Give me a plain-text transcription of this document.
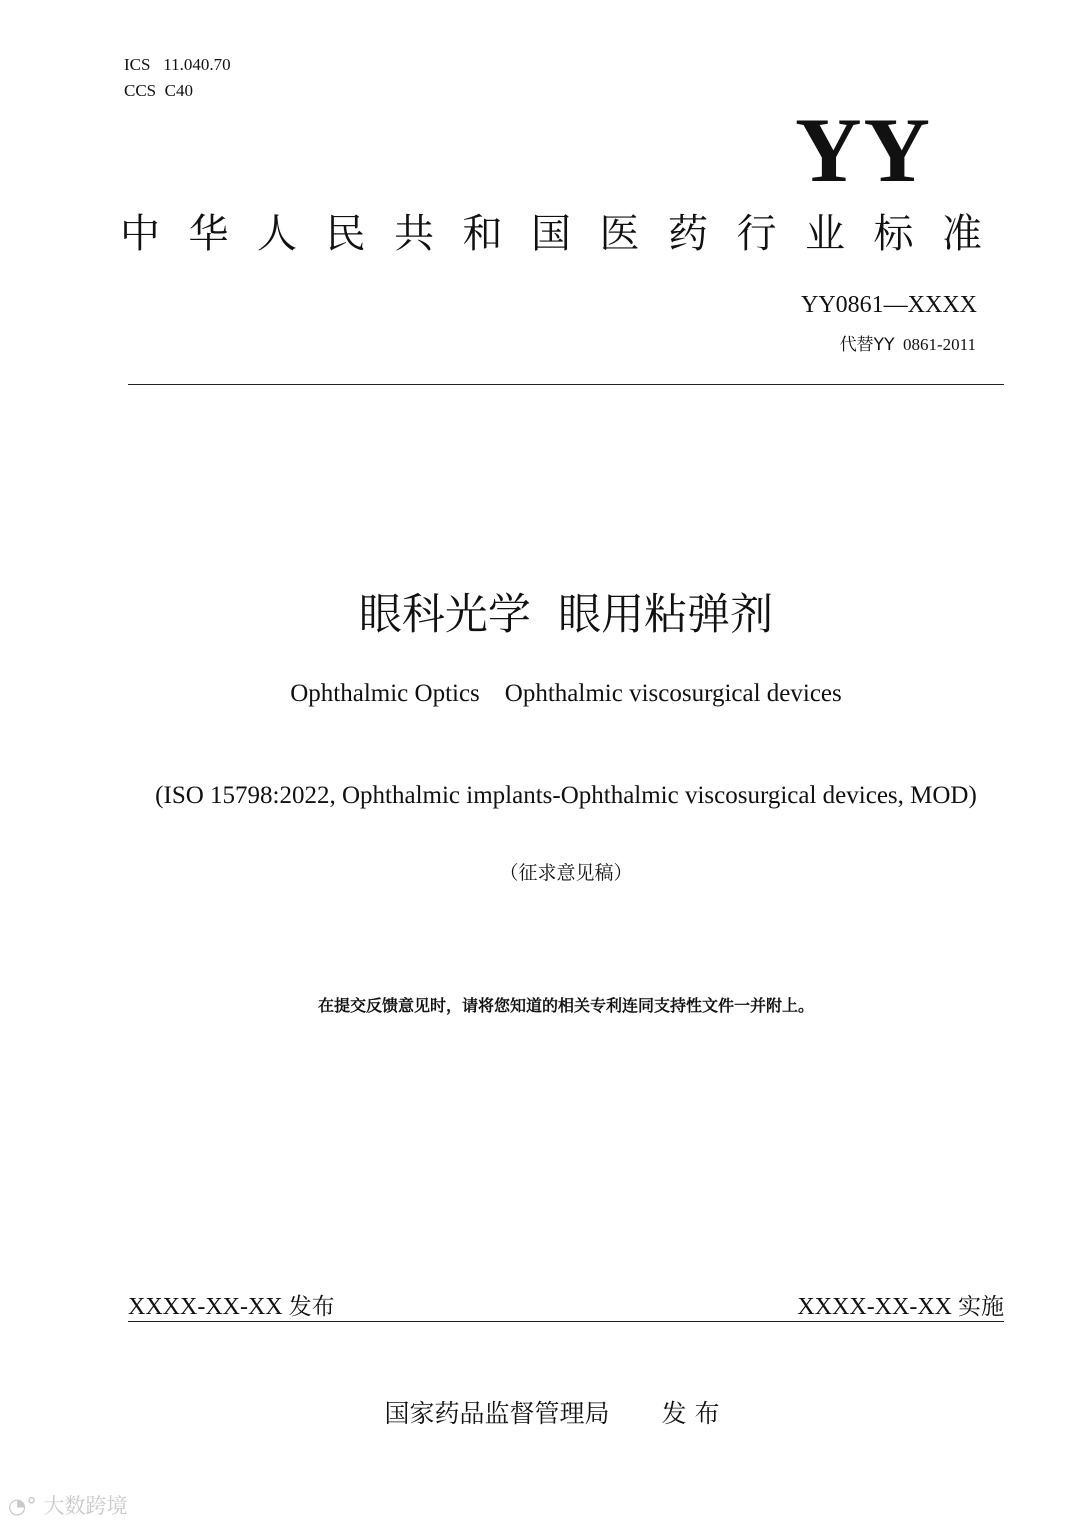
ICS 11.040.70
CCS C40
YY
中华人民共和国医药行业标准
YY0861—XXXX
代替YY 0861-2011
眼科光学  眼用粘弹剂
Ophthalmic Optics    Ophthalmic viscosurgical devices
(ISO 15798:2022, Ophthalmic implants-Ophthalmic viscosurgical devices, MOD)
（征求意见稿）
在提交反馈意见时，请将您知道的相关专利连同支持性文件一并附上。
XXXX-XX-XX 发布	XXXX-XX-XX 实施
国家药品监督管理局 发 布
◔° 大数跨境
